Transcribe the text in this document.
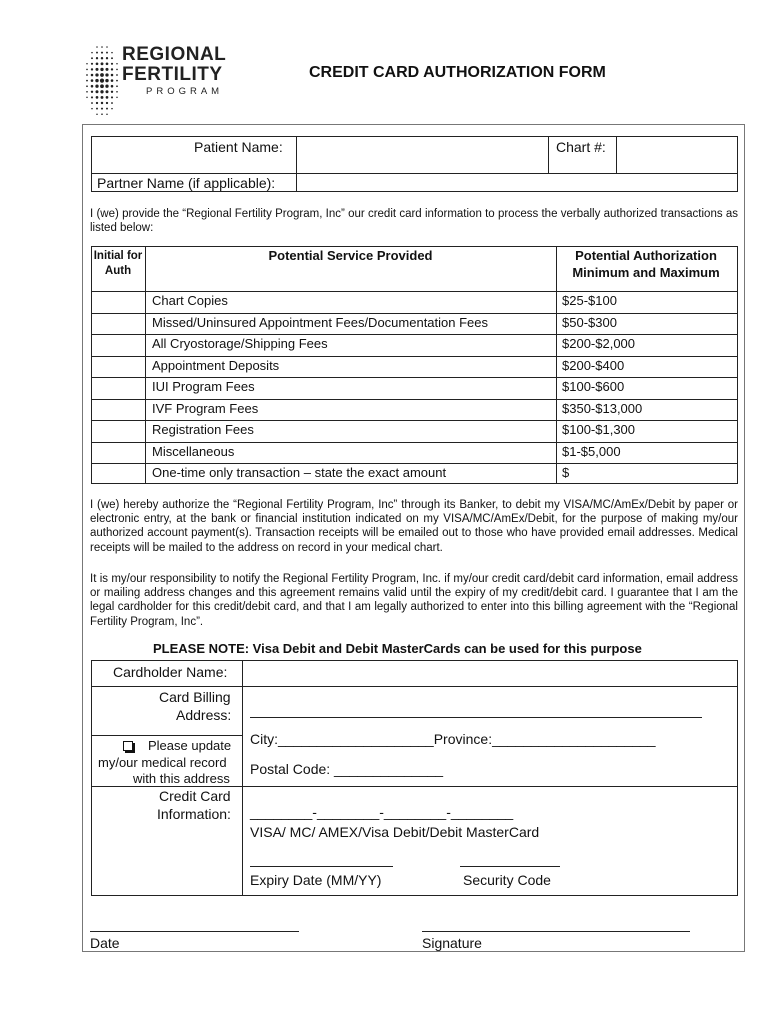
REGIONAL
FERTILITY
PROGRAM
CREDIT CARD AUTHORIZATION FORM
Patient Name:	Chart #:
Partner Name (if applicable):
I (we) provide the “Regional Fertility Program, Inc” our credit card information to process the verbally authorized transactions as listed below:
Initial for Auth
Potential Service Provided	Potential Authorization Minimum and Maximum
Chart Copies	$25-$100
Missed/Uninsured Appointment Fees/Documentation Fees	$50-$300
All Cryostorage/Shipping Fees	$200-$2,000
Appointment Deposits	$200-$400
IUI Program Fees	$100-$600
IVF Program Fees	$350-$13,000
Registration Fees	$100-$1,300
Miscellaneous	$1-$5,000
One-time only transaction – state the exact amount	$
I (we) hereby authorize the “Regional Fertility Program, Inc” through its Banker, to debit my VISA/MC/AmEx/Debit by paper or electronic entry, at the bank or financial institution indicated on my VISA/MC/AmEx/Debit, for the purpose of making my/our authorized account payment(s). Transaction receipts will be emailed out to those who have provided email addresses. Medical receipts will be mailed to the address on record in your medical chart.
It is my/our responsibility to notify the Regional Fertility Program, Inc. if my/our credit card/debit card information, email address or mailing address changes and this agreement remains valid until the expiry of my credit/debit card. I guarantee that I am the legal cardholder for this credit/debit card, and that I am legally authorized to enter into this billing agreement with the “Regional Fertility Program, Inc”.
PLEASE NOTE: Visa Debit and Debit MasterCards can be used for this purpose
Cardholder Name:
Card Billing
Address:
Please update
my/our medical record
with this address
City:____________________Province:_____________________
Postal Code: ______________
Credit Card
Information: ________-________-________-________
VISA/ MC/ AMEX/Visa Debit/Debit MasterCard
Expiry Date (MM/YY)	Security Code
Date	Signature
